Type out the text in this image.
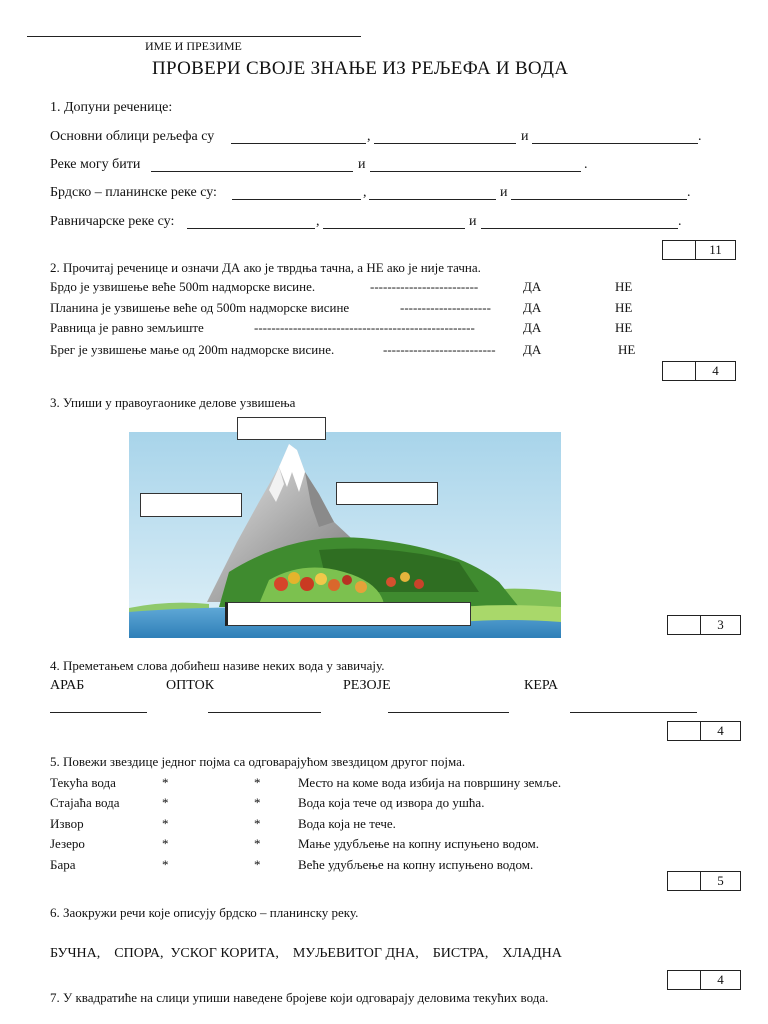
ИМЕ И ПРЕЗИМЕ
ПРОВЕРИ СВОЈЕ ЗНАЊЕ ИЗ РЕЉЕФА И ВОДА
1. Допуни реченице:
Основни облици рељефа су	,	и	.
Реке могу бити	и	.
Брдско – планинске реке су:	,	и	.
Равничарске реке су:	,	и	.
11
2. Прочитај реченице и означи ДА ако је тврдња тачна, а НЕ ако је није тачна.
Брдо је узвишење веће 500m надморске висине.	-------------------------	ДА	НЕ
Планина је узвишење веће од 500m надморске висине	--------------------- ДА	НЕ
Равница је равно земљиште	---------------------------------------------------	ДА	НЕ
Брег је узвишење мање од 200m надморске висине.	-------------------------- ДА	НЕ
4
3. Упиши у правоугаонике делове узвишења
3
4. Преметањем слова добићеш називе неких вода у завичају.
АРАБ	ОПТОК	РЕЗОЈЕ	КЕРА
4
5. Повежи звездице једног појма са одговарајућом звездицом другог појма.
Текућа вода	*	*	Место на коме вода избија на површину земље.
Стајаћа вода	*	*	Вода која тече од извора до ушћа.
Извор	*	*	Вода која не тече.
Језеро	*	*	Мање удубљење на копну испуњено водом.
Бара	*	*	Веће удубљење на копну испуњено водом.
5
6. Заокружи речи које описују брдско – планинску реку.
БУЧНА,    СПОРА,  УСКОГ КОРИТА,    МУЉЕВИТОГ ДНА,    БИСТРА,    ХЛАДНА
4
7. У квадратиће на слици упиши наведене бројеве који одговарају деловима текућих вода.
